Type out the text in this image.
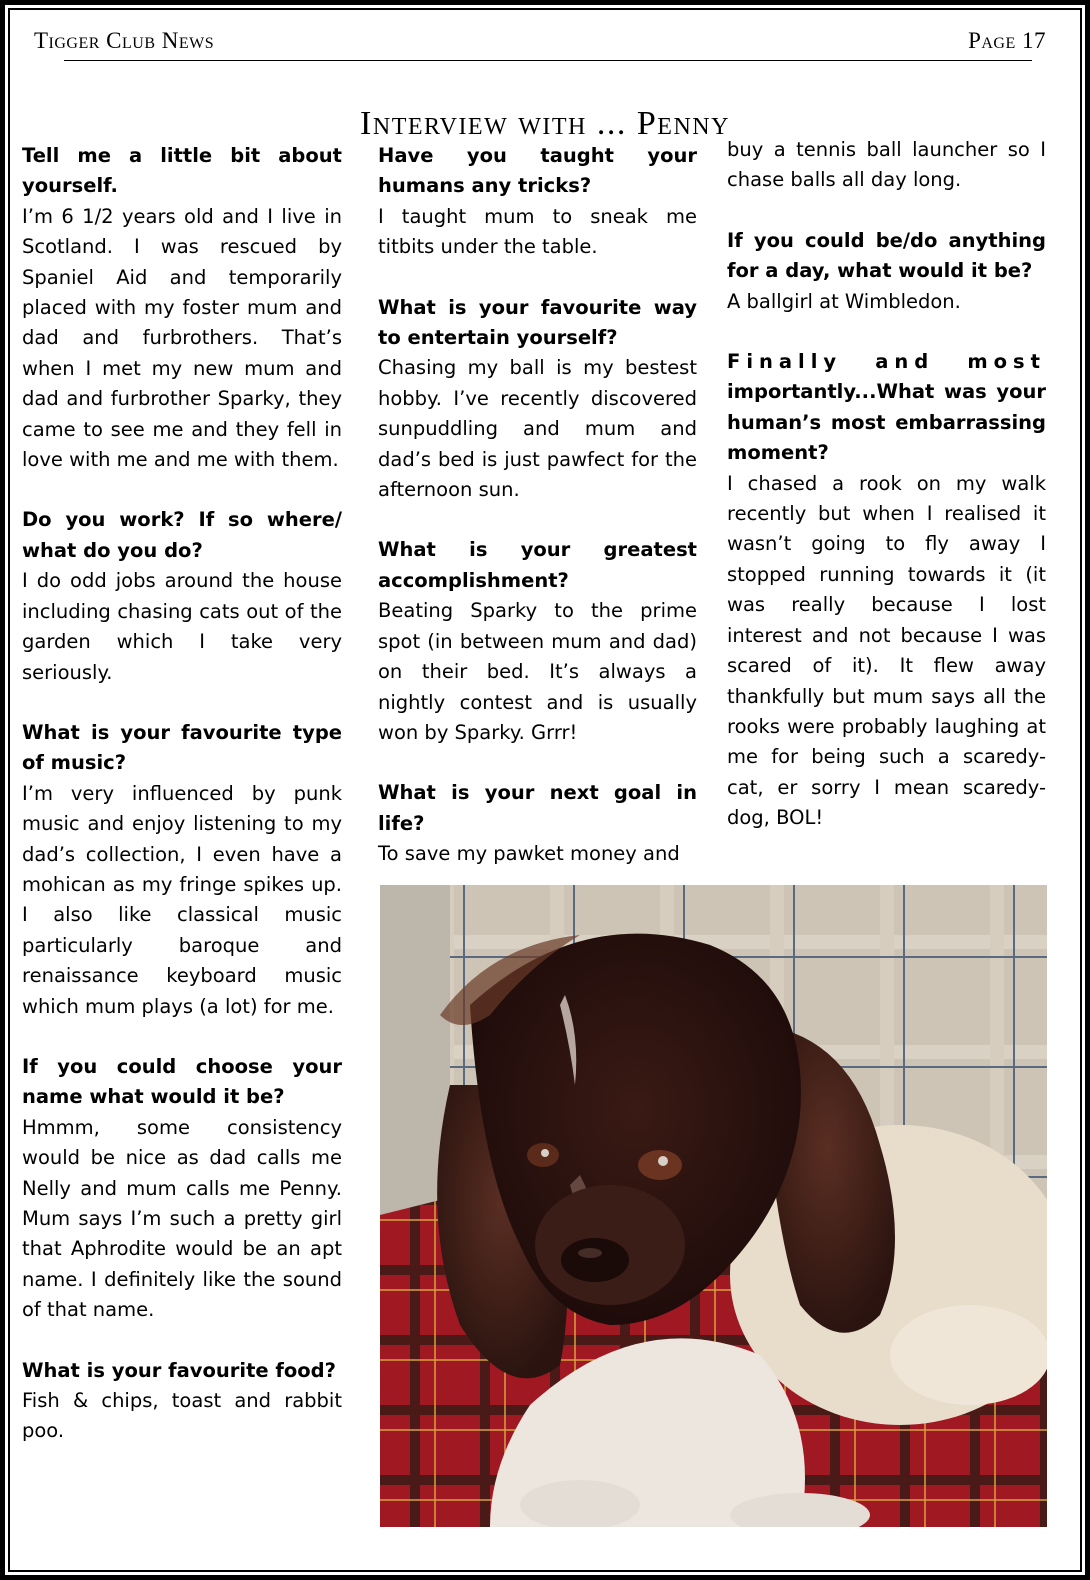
Tigger Club News	Page 17
Interview with ... Penny

Tell me a little bit about yourself.

I’m 6 1/2 years old and I live in Scotland. I was rescued by Spaniel Aid and temporarily placed with my foster mum and dad and furbrothers. That’s when I met my new mum and dad and furbrother Sparky, they came to see me and they fell in love with me and me with them.

Do you work? If so where/ what do you do?

I do odd jobs around the house including chasing cats out of the garden which I take very seriously.

What is your favourite type of music?

I’m very influenced by punk music and enjoy listening to my dad’s collection, I even have a mohican as my fringe spikes up. I also like classical music particularly baroque and renaissance keyboard music which mum plays (a lot) for me.

If you could choose your name what would it be?

Hmmm, some consistency would be nice as dad calls me Nelly and mum calls me Penny. Mum says I’m such a pretty girl that Aphrodite would be an apt name. I definitely like the sound of that name.

What is your favourite food?

Fish & chips, toast and rabbit poo.

Have you taught your humans any tricks?

I taught mum to sneak me titbits under the table.

What is your favourite way to entertain yourself?

Chasing my ball is my bestest hobby. I’ve recently discovered sunpuddling and mum and dad’s bed is just pawfect for the afternoon sun.

What is your greatest accomplishment?

Beating Sparky to the prime spot (in between mum and dad) on their bed. It’s always a nightly contest and is usually won by Sparky. Grrr!

What is your next goal in life?

To save my pawket money and

buy a tennis ball launcher so I chase balls all day long.

If you could be/do anything for a day, what would it be?

A ballgirl at Wimbledon.

Finally and most

importantly...What was your human’s most embarrassing moment?

I chased a rook on my walk recently but when I realised it wasn’t going to fly away I stopped running towards it (it was really because I lost interest and not because I was scared of it). It flew away thankfully but mum says all the rooks were probably laughing at me for being such a scaredy-cat, er sorry I mean scaredy-dog, BOL!
